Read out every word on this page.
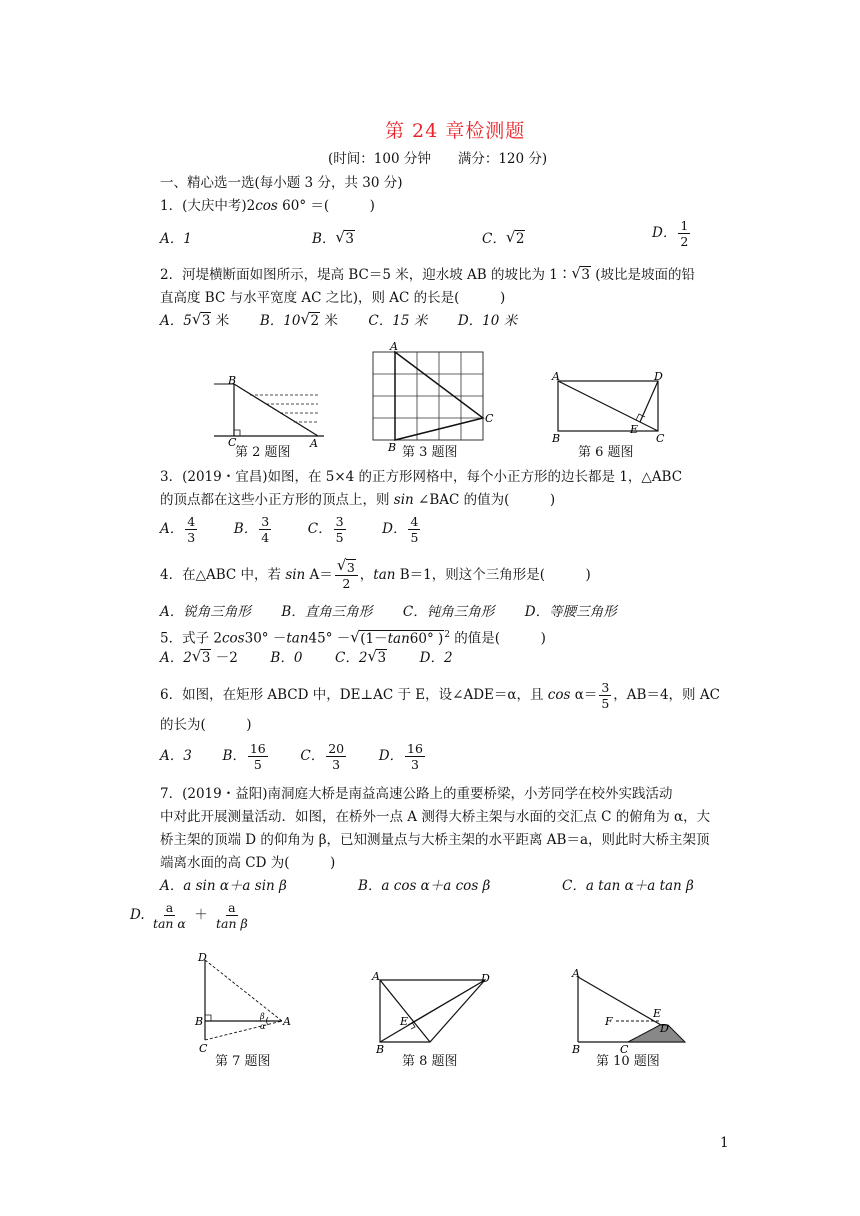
第 24 章检测题
(时间：100 分钟　　满分：120 分)
一、精心选一选(每小题 3 分，共 30 分)
1．(大庆中考)2cos 60° ＝(　　　)
A．1	B． √ 3	C． √ 2	D． $\frac{1}{2}$
2．河堤横断面如图所示，堤高 BC＝5 米，迎水坡 AB 的坡比为 1∶ √ 3 (坡比是坡面的铅
直高度 BC 与水平宽度 AC 之比)，则 AC 的长是(　　　)
A．5 √ 3 米 B．10 √ 2 米 C．15 米 D．10 米
B
C	A
A
B
C
A	D
B	C
E
第 2 题图	第 3 题图	第 6 题图
3．(2019・宜昌)如图，在 5×4 的正方形网格中，每个小正方形的边长都是 1，△ABC
的顶点都在这些小正方形的顶点上，则 sin ∠BAC 的值为(　　　)
A． $\frac{4}{3}$	B． $\frac{3}{4}$	C． $\frac{3}{5}$	D． $\frac{4}{5}$
4．在△ABC 中，若 sin A＝ √ $\frac{3}{2}$ ，tan B＝1，则这个三角形是(　　　)
A．锐角三角形 B．直角三角形 C．钝角三角形 D．等腰三角形
5．式子 2cos30° －tan45° － √ (1－tan60° )$^2$ 的值是(　　　)
A．2 √ 3 －2 B．0 C．2 √ 3 D．2
6．如图，在矩形 ABCD 中，DE⊥AC 于 E，设∠ADE＝α，且 $\cos \alpha= \frac{3}{5}$ ，AB＝4，则 AC
的长为(　　　)
A．3 B． $\frac{16}{5}$ C． $\frac{20}{3}$ D． $\frac{16}{3}$
7．(2019・益阳)南洞庭大桥是南益高速公路上的重要桥梁，小芳同学在校外实践活动
中对此开展测量活动．如图，在桥外一点 A 测得大桥主架与水面的交汇点 C 的俯角为 α，大
桥主架的顶端 D 的仰角为 β，已知测量点与大桥主架的水平距离 AB＝a，则此时大桥主架顶
端离水面的高 CD 为(　　　)
A．a sin α＋a sin β	B．a cos α＋a cos β	C．a tan α＋a tan β
D. $\frac{a}{\text{tan α}} + \frac{a}{\text{tan β}}$
D
B
C
A
β
α
A	D
B
E
A
F
E
D
B	C
第 7 题图	第 8 题图	第 10 题图
1
